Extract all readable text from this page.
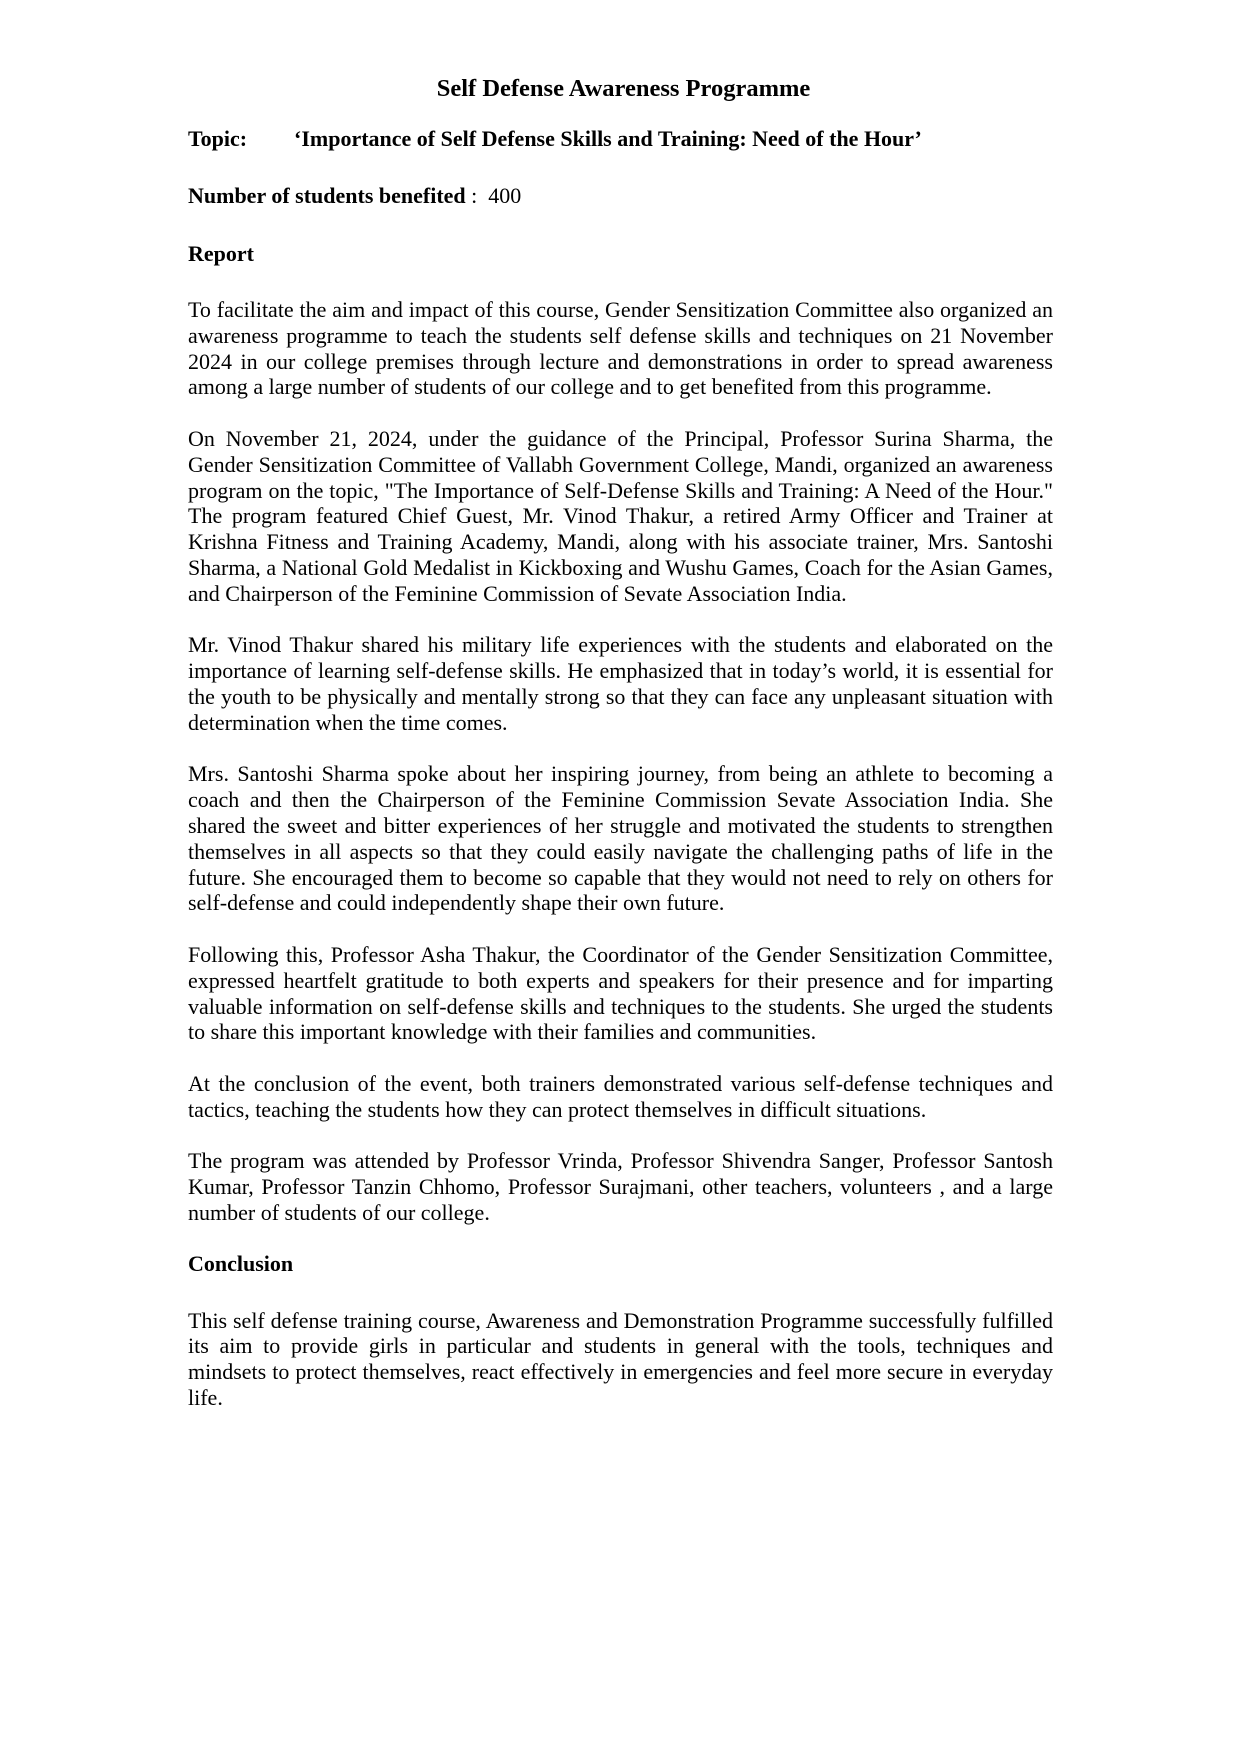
Self Defense Awareness Programme

Topic: ‘Importance of Self Defense Skills and Training: Need of the Hour’

Number of students benefited :  400

Report

To facilitate the aim and impact of this course, Gender Sensitization Committee also organized an awareness programme to teach the students self defense skills and techniques on 21 November 2024 in our college premises through lecture and demonstrations in order to spread awareness among a large number of students of our college and to get benefited from this programme.

On November 21, 2024, under the guidance of the Principal, Professor Surina Sharma, the Gender Sensitization Committee of Vallabh Government College, Mandi, organized an awareness program on the topic, "The Importance of Self-Defense Skills and Training: A Need of the Hour." The program featured Chief Guest, Mr. Vinod Thakur, a retired Army Officer and Trainer at Krishna Fitness and Training Academy, Mandi, along with his associate trainer, Mrs. Santoshi Sharma, a National Gold Medalist in Kickboxing and Wushu Games, Coach for the Asian Games, and Chairperson of the Feminine Commission of Sevate Association India.

Mr. Vinod Thakur shared his military life experiences with the students and elaborated on the importance of learning self-defense skills. He emphasized that in today’s world, it is essential for the youth to be physically and mentally strong so that they can face any unpleasant situation with determination when the time comes.

Mrs. Santoshi Sharma spoke about her inspiring journey, from being an athlete to becoming a coach and then the Chairperson of the Feminine Commission Sevate Association India. She shared the sweet and bitter experiences of her struggle and motivated the students to strengthen themselves in all aspects so that they could easily navigate the challenging paths of life in the future. She encouraged them to become so capable that they would not need to rely on others for self-defense and could independently shape their own future.

Following this, Professor Asha Thakur, the Coordinator of the Gender Sensitization Committee, expressed heartfelt gratitude to both experts and speakers for their presence and for imparting valuable information on self-defense skills and techniques to the students. She urged the students to share this important knowledge with their families and communities.

At the conclusion of the event, both trainers demonstrated various self-defense techniques and tactics, teaching the students how they can protect themselves in difficult situations.

The program was attended by Professor Vrinda, Professor Shivendra Sanger, Professor Santosh Kumar, Professor Tanzin Chhomo, Professor Surajmani, other teachers, volunteers , and a large number of students of our college.

Conclusion

This self defense training course, Awareness and Demonstration Programme successfully fulfilled its aim to provide girls in particular and students in general with the tools, techniques and mindsets to protect themselves, react effectively in emergencies and feel more secure in everyday life.
